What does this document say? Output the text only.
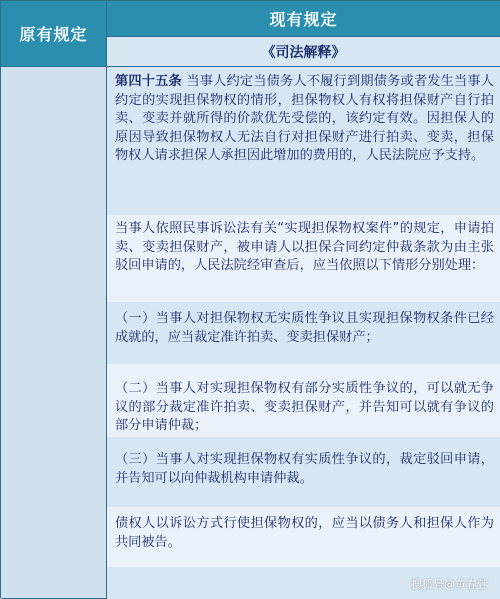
原有规定
现有规定
《司法解释》
第四十五条 当事人约定当债务人不履行到期债务或者发生当事人约定的实现担保物权的情形，担保物权人有权将担保财产自行拍卖、变卖并就所得的价款优先受偿的，该约定有效。因担保人的原因导致担保物权人无法自行对担保财产进行拍卖、变卖，担保物权人请求担保人承担因此增加的费用的，人民法院应予支持。
当事人依照民事诉讼法有关“实现担保物权案件”的规定，申请拍卖、变卖担保财产，被申请人以担保合同约定仲裁条款为由主张驳回申请的，人民法院经审查后，应当依照以下情形分别处理：
（一）当事人对担保物权无实质性争议且实现担保物权条件已经成就的，应当裁定准许拍卖、变卖担保财产；
（二）当事人对实现担保物权有部分实质性争议的，可以就无争议的部分裁定准许拍卖、变卖担保财产，并告知可以就有争议的部分申请仲裁；
（三）当事人对实现担保物权有实质性争议的，裁定驳回申请，并告知可以向仲裁机构申请仲裁。
债权人以诉讼方式行使担保物权的，应当以债务人和担保人作为共同被告。
搜狐号@黄春萱
